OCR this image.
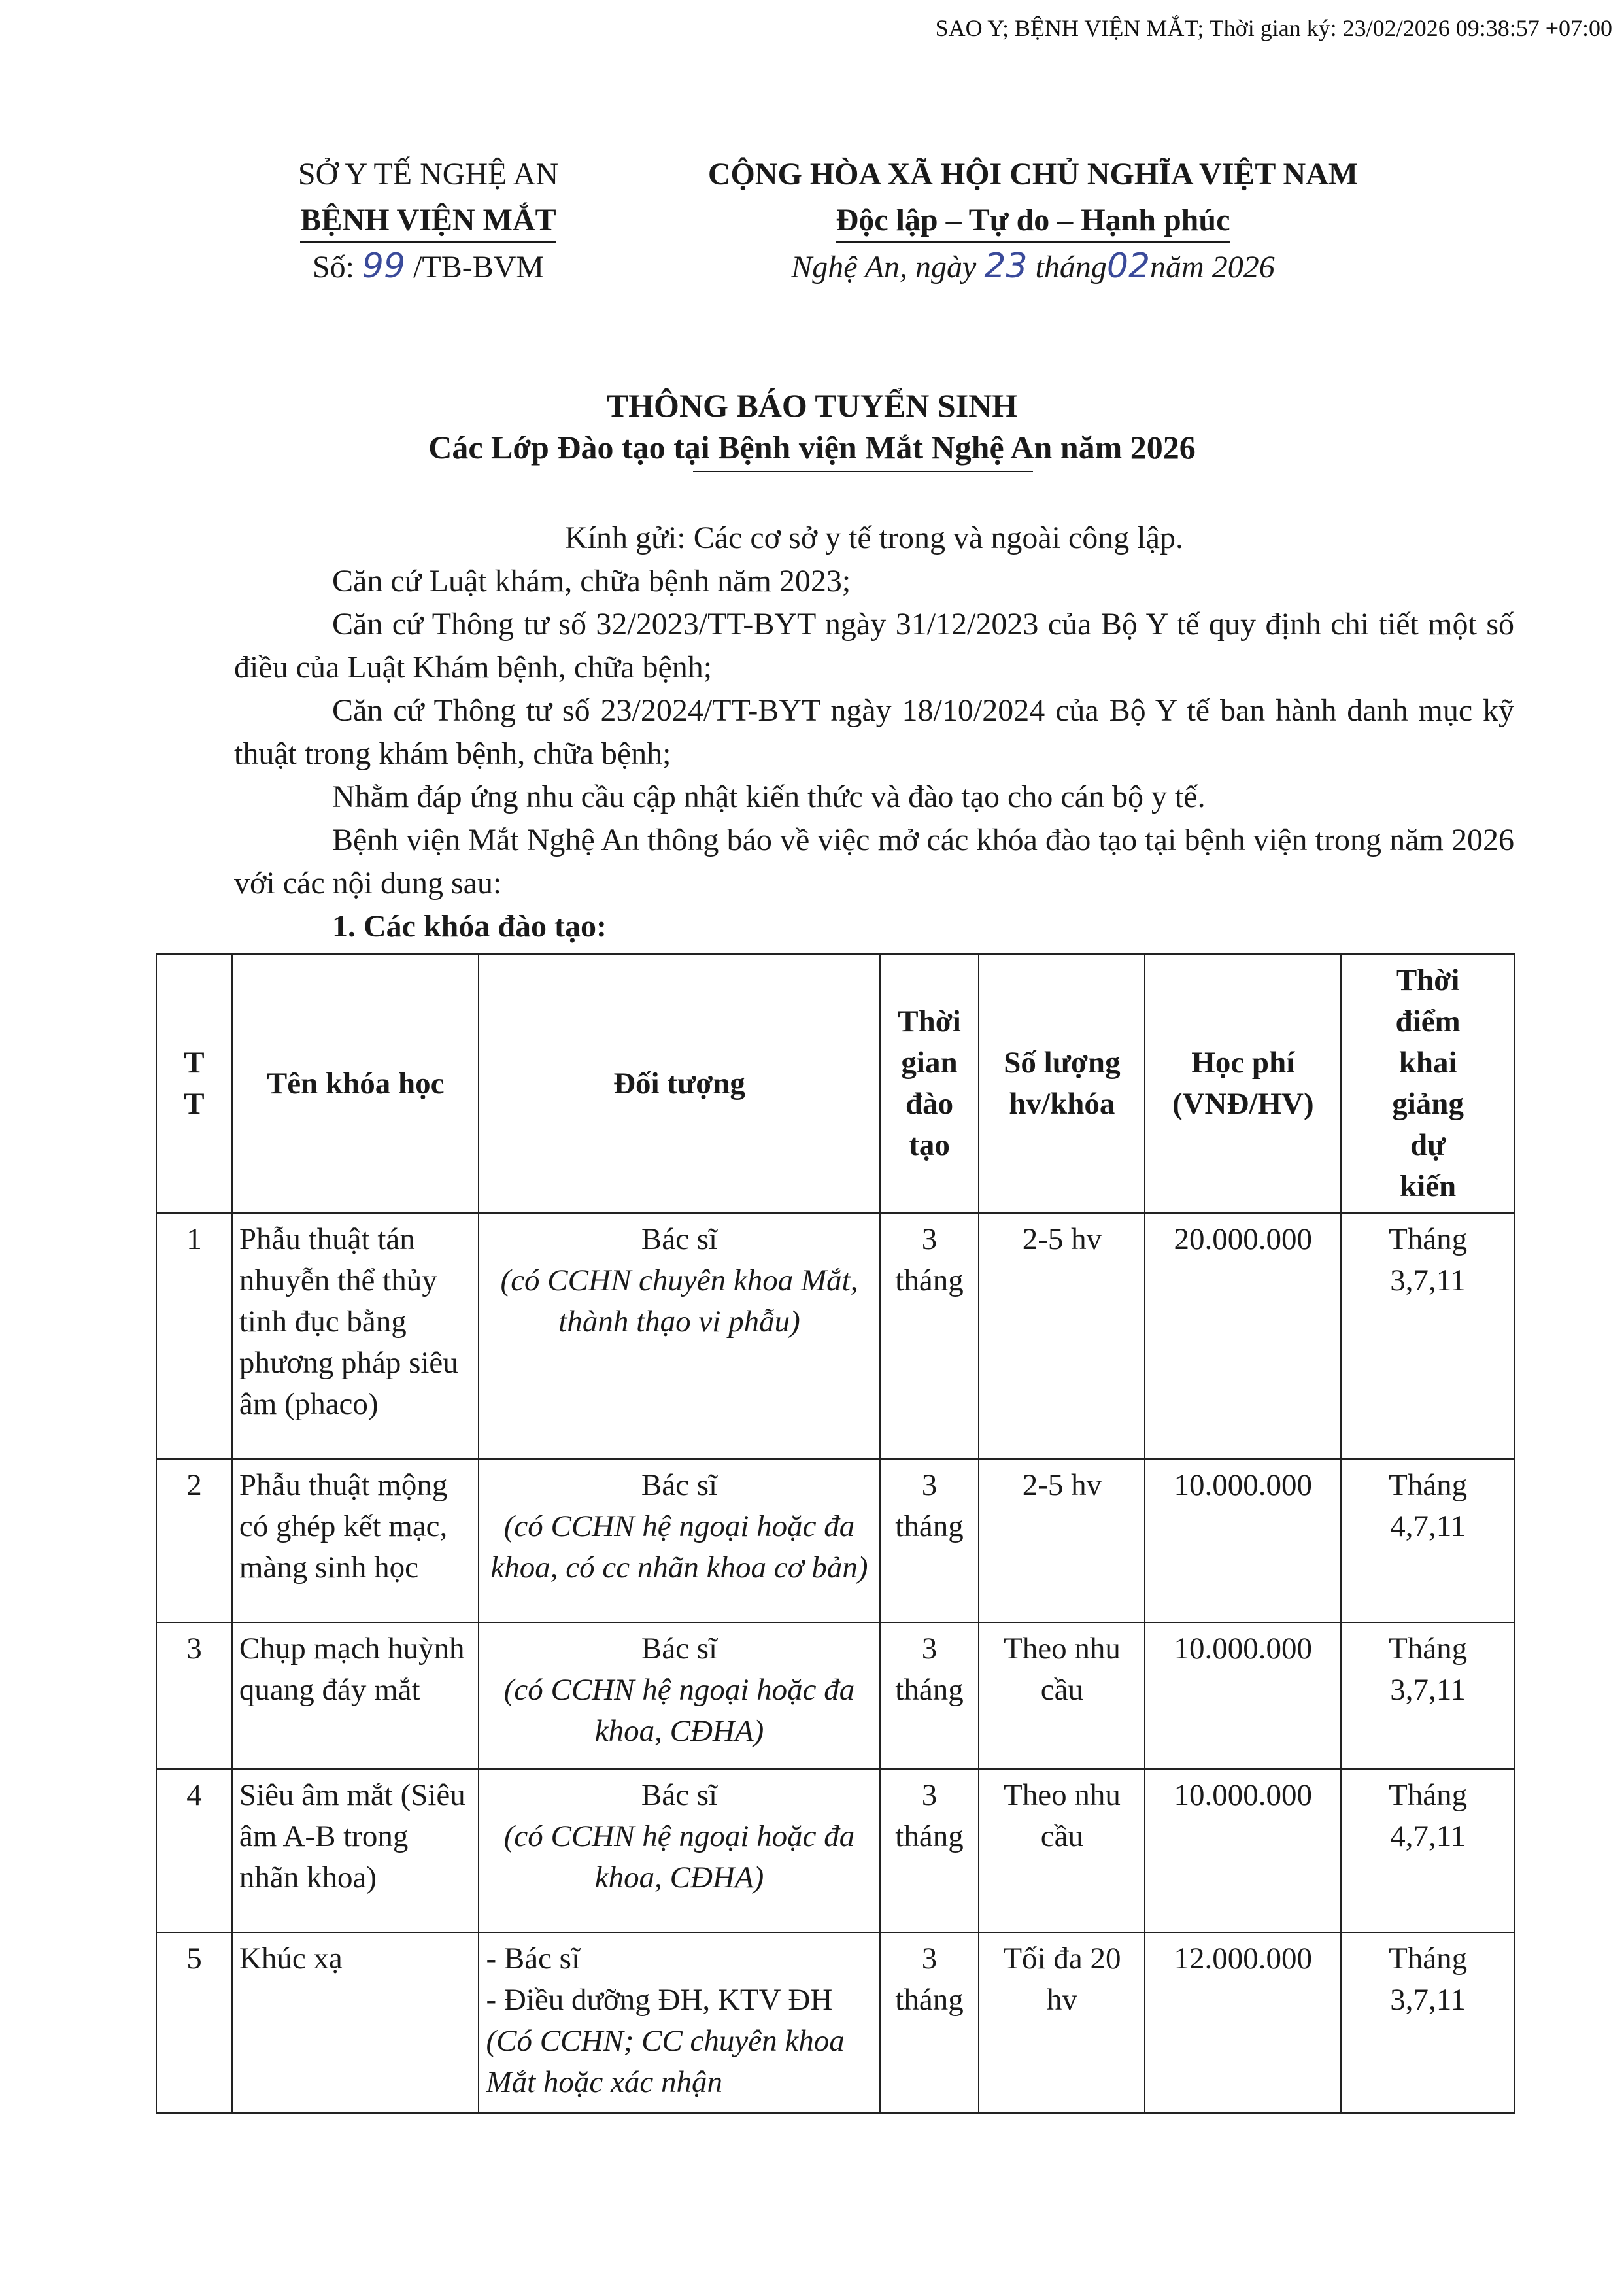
SAO Y; BỆNH VIỆN MẮT; Thời gian ký: 23/02/2026 09:38:57 +07:00
SỞ Y TẾ NGHỆ AN
BỆNH VIỆN MẮT
Số: 99 /TB-BVM
CỘNG HÒA XÃ HỘI CHỦ NGHĨA VIỆT NAM
Độc lập – Tự do – Hạnh phúc
Nghệ An, ngày 23 tháng02năm 2026
THÔNG BÁO TUYỂN SINH
Các Lớp Đào tạo tại Bệnh viện Mắt Nghệ An năm 2026

Kính gửi: Các cơ sở y tế trong và ngoài công lập.

Căn cứ Luật khám, chữa bệnh năm 2023;

Căn cứ Thông tư số 32/2023/TT-BYT ngày 31/12/2023 của Bộ Y tế quy định chi tiết một số điều của Luật Khám bệnh, chữa bệnh;

Căn cứ Thông tư số 23/2024/TT-BYT ngày 18/10/2024 của Bộ Y tế ban hành danh mục kỹ thuật trong khám bệnh, chữa bệnh;

Nhằm đáp ứng nhu cầu cập nhật kiến thức và đào tạo cho cán bộ y tế.

Bệnh viện Mắt Nghệ An thông báo về việc mở các khóa đào tạo tại bệnh viện trong năm 2026 với các nội dung sau:

1. Các khóa đào tạo:

T T	Tên khóa học	Đối tượng	Thời gian đào tạo	Số lượng hv/khóa	Học phí (VNĐ/HV)	Thời điểm khai giảng dự kiến
1	Phẫu thuật tán nhuyễn thể thủy tinh đục bằng phương pháp siêu âm (phaco)	Bác sĩ
(có CCHN chuyên khoa Mắt, thành thạo vi phẫu)	3 tháng	2-5 hv	20.000.000	Tháng 3,7,11
2	Phẫu thuật mộng có ghép kết mạc, màng sinh học	Bác sĩ
(có CCHN hệ ngoại hoặc đa khoa, có cc nhãn khoa cơ bản)	3 tháng	2-5 hv	10.000.000	Tháng 4,7,11
3	Chụp mạch huỳnh quang đáy mắt	Bác sĩ
(có CCHN hệ ngoại hoặc đa khoa, CĐHA)	3 tháng	Theo nhu cầu	10.000.000	Tháng 3,7,11
4	Siêu âm mắt (Siêu âm A-B trong nhãn khoa)	Bác sĩ
(có CCHN hệ ngoại hoặc đa khoa, CĐHA)	3 tháng	Theo nhu cầu	10.000.000	Tháng 4,7,11
5	Khúc xạ	- Bác sĩ
- Điều dưỡng ĐH, KTV ĐH
(Có CCHN; CC chuyên khoa Mắt hoặc xác nhận	3 tháng	Tối đa 20 hv	12.000.000	Tháng 3,7,11
